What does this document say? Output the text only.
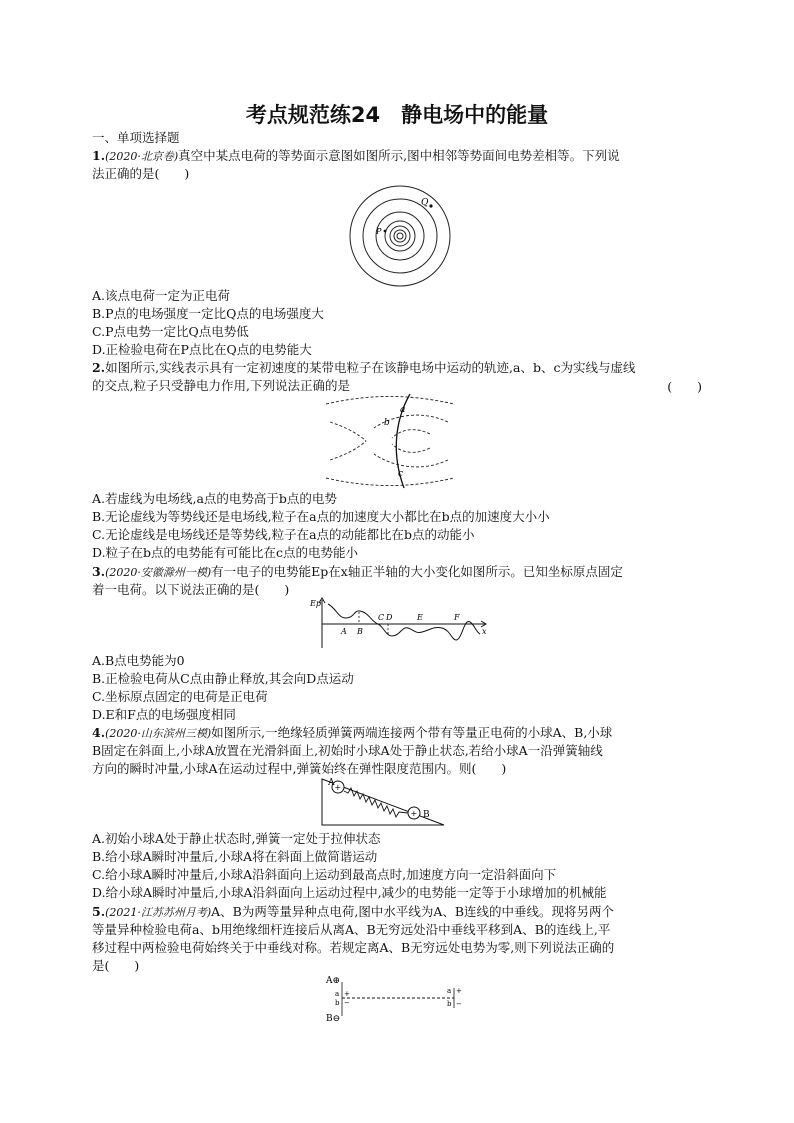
考点规范练24　静电场中的能量
一、单项选择题
1.(2020·北京卷)真空中某点电荷的等势面示意图如图所示,图中相邻等势面间电势差相等。下列说
法正确的是(　　)
Q
P
A.该点电荷一定为正电荷
B.P点的电场强度一定比Q点的电场强度大
C.P点电势一定比Q点电势低
D.正检验电荷在P点比在Q点的电势能大
2.如图所示,实线表示具有一定初速度的某带电粒子在该静电场中运动的轨迹,a、b、c为实线与虚线
的交点,粒子只受静电力作用,下列说法正确的是	(　　)
a
b
c
A.若虚线为电场线,a点的电势高于b点的电势
B.无论虚线为等势线还是电场线,粒子在a点的加速度大小都比在b点的加速度大小小
C.无论虚线是电场线还是等势线,粒子在a点的动能都比在b点的动能小
D.粒子在b点的电势能有可能比在c点的电势能小
3.(2020·安徽滁州一模)有一电子的电势能Ep在x轴正半轴的大小变化如图所示。已知坐标原点固定
着一电荷。以下说法正确的是(　　)
Ep
A B
C D	E	F
x
A.B点电势能为0
B.正检验电荷从C点由静止释放,其会向D点运动
C.坐标原点固定的电荷是正电荷
D.E和F点的电场强度相同
4.(2020·山东滨州三模)如图所示,一绝缘轻质弹簧两端连接两个带有等量正电荷的小球A、B,小球
B固定在斜面上,小球A放置在光滑斜面上,初始时小球A处于静止状态,若给小球A一沿弹簧轴线
方向的瞬时冲量,小球A在运动过程中,弹簧始终在弹性限度范围内。则(　　)
+
+
A
B
A.初始小球A处于静止状态时,弹簧一定处于拉伸状态
B.给小球A瞬时冲量后,小球A将在斜面上做简谐运动
C.给小球A瞬时冲量后,小球A沿斜面向上运动到最高点时,加速度方向一定沿斜面向下
D.给小球A瞬时冲量后,小球A沿斜面向上运动过程中,减少的电势能一定等于小球增加的机械能
5.(2021·江苏苏州月考)A、B为两等量异种点电荷,图中水平线为A、B连线的中垂线。现将另两个
等量异种检验电荷a、b用绝缘细杆连接后从离A、B无穷远处沿中垂线平移到A、B的连线上,平
移过程中两检验电荷始终关于中垂线对称。若规定离A、B无穷远处电势为零,则下列说法正确的
是(　　)
A⊕
B⊖
a +
b −
a +
b −
